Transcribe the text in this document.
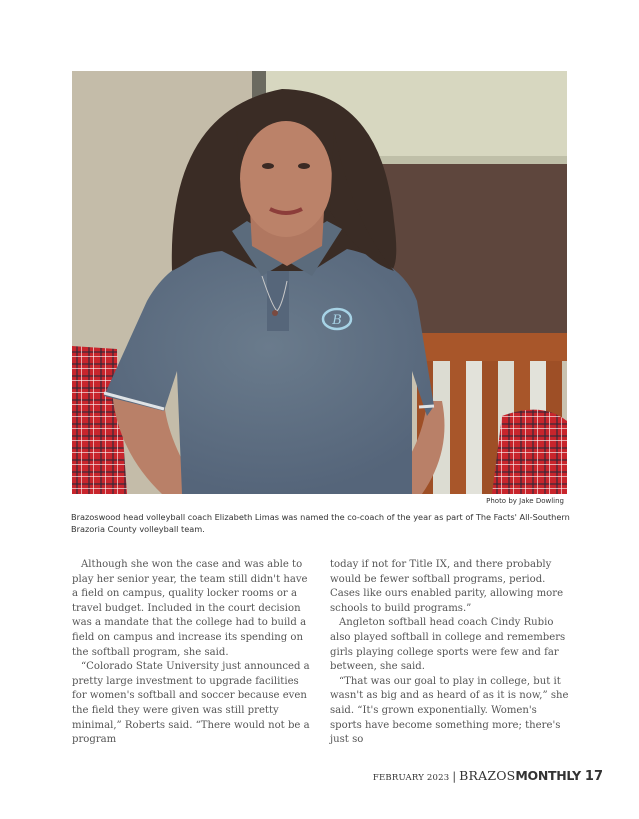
B
Photo by Jake Dowling
Brazoswood head volleyball coach Elizabeth Limas was named the co-coach of the year as part of The Facts' All-Southern Brazoria County volleyball team.

Although she won the case and was able to play her senior year, the team still didn't have a field on campus, quality locker rooms or a travel budget. Included in the court decision was a mandate that the college had to build a field on campus and increase its spending on the softball program, she said.

“Colorado State University just announced a pretty large investment to upgrade facilities for women's softball and soccer because even the field they were given was still pretty minimal,” Roberts said. “There would not be a program

today if not for Title IX, and there probably would be fewer softball programs, period. Cases like ours enabled parity, allowing more schools to build programs.”

Angleton softball head coach Cindy Rubio also played softball in college and remembers girls playing college sports were few and far between, she said.

“That was our goal to play in college, but it wasn't as big and as heard of as it is now,” she said. “It's grown exponentially. Women's sports have become something more; there's just so

FEBRUARY 2023 | BRAZOS MONTHLY 17
